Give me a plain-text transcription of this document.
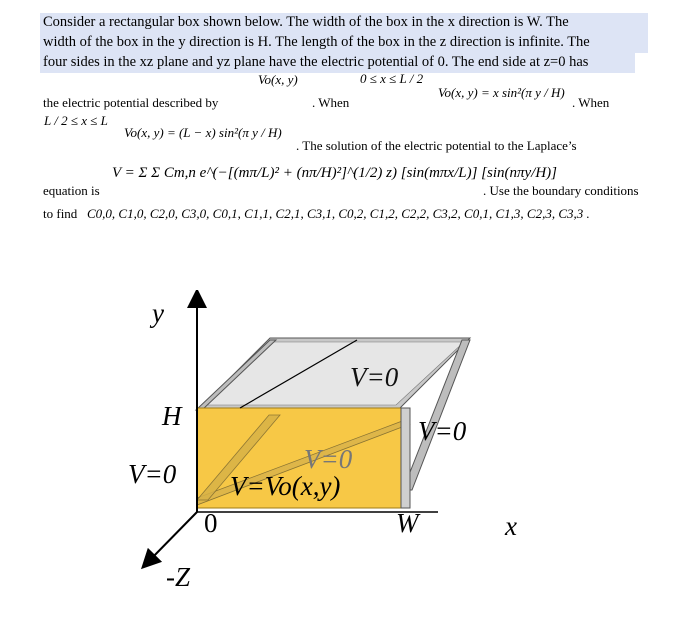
Consider a rectangular box shown below. The width of the box in the x direction is W. The
width of the box in the y direction is H. The length of the box in the z direction is infinite. The
four sides in the xz plane and yz plane have the electric potential of 0. The end side at z=0 has
Vo(x, y)	0 ≤ x ≤ L / 2
the electric potential described by	. When
Vo(x, y) = x sin²(π y / H)
. When
L / 2 ≤ x ≤ L
Vo(x, y) = (L − x) sin²(π y / H)
. The solution of the electric potential to the Laplace’s
V = Σ Σ Cm,n e^(−[(mπ/L)² + (nπ/H)²]^(1/2) z) [sin(mπx/L)] [sin(nπy/H)]
equation is	. Use the boundary conditions
to find C0,0, C1,0, C2,0, C3,0, C0,1, C1,1, C2,1, C3,1, C0,2, C1,2, C2,2, C3,2, C0,1, C1,3, C2,3, C3,3 .
y
H
V=0
0	W	x
-Z
V=0
V=0
V=0
V=Vo(x,y)
